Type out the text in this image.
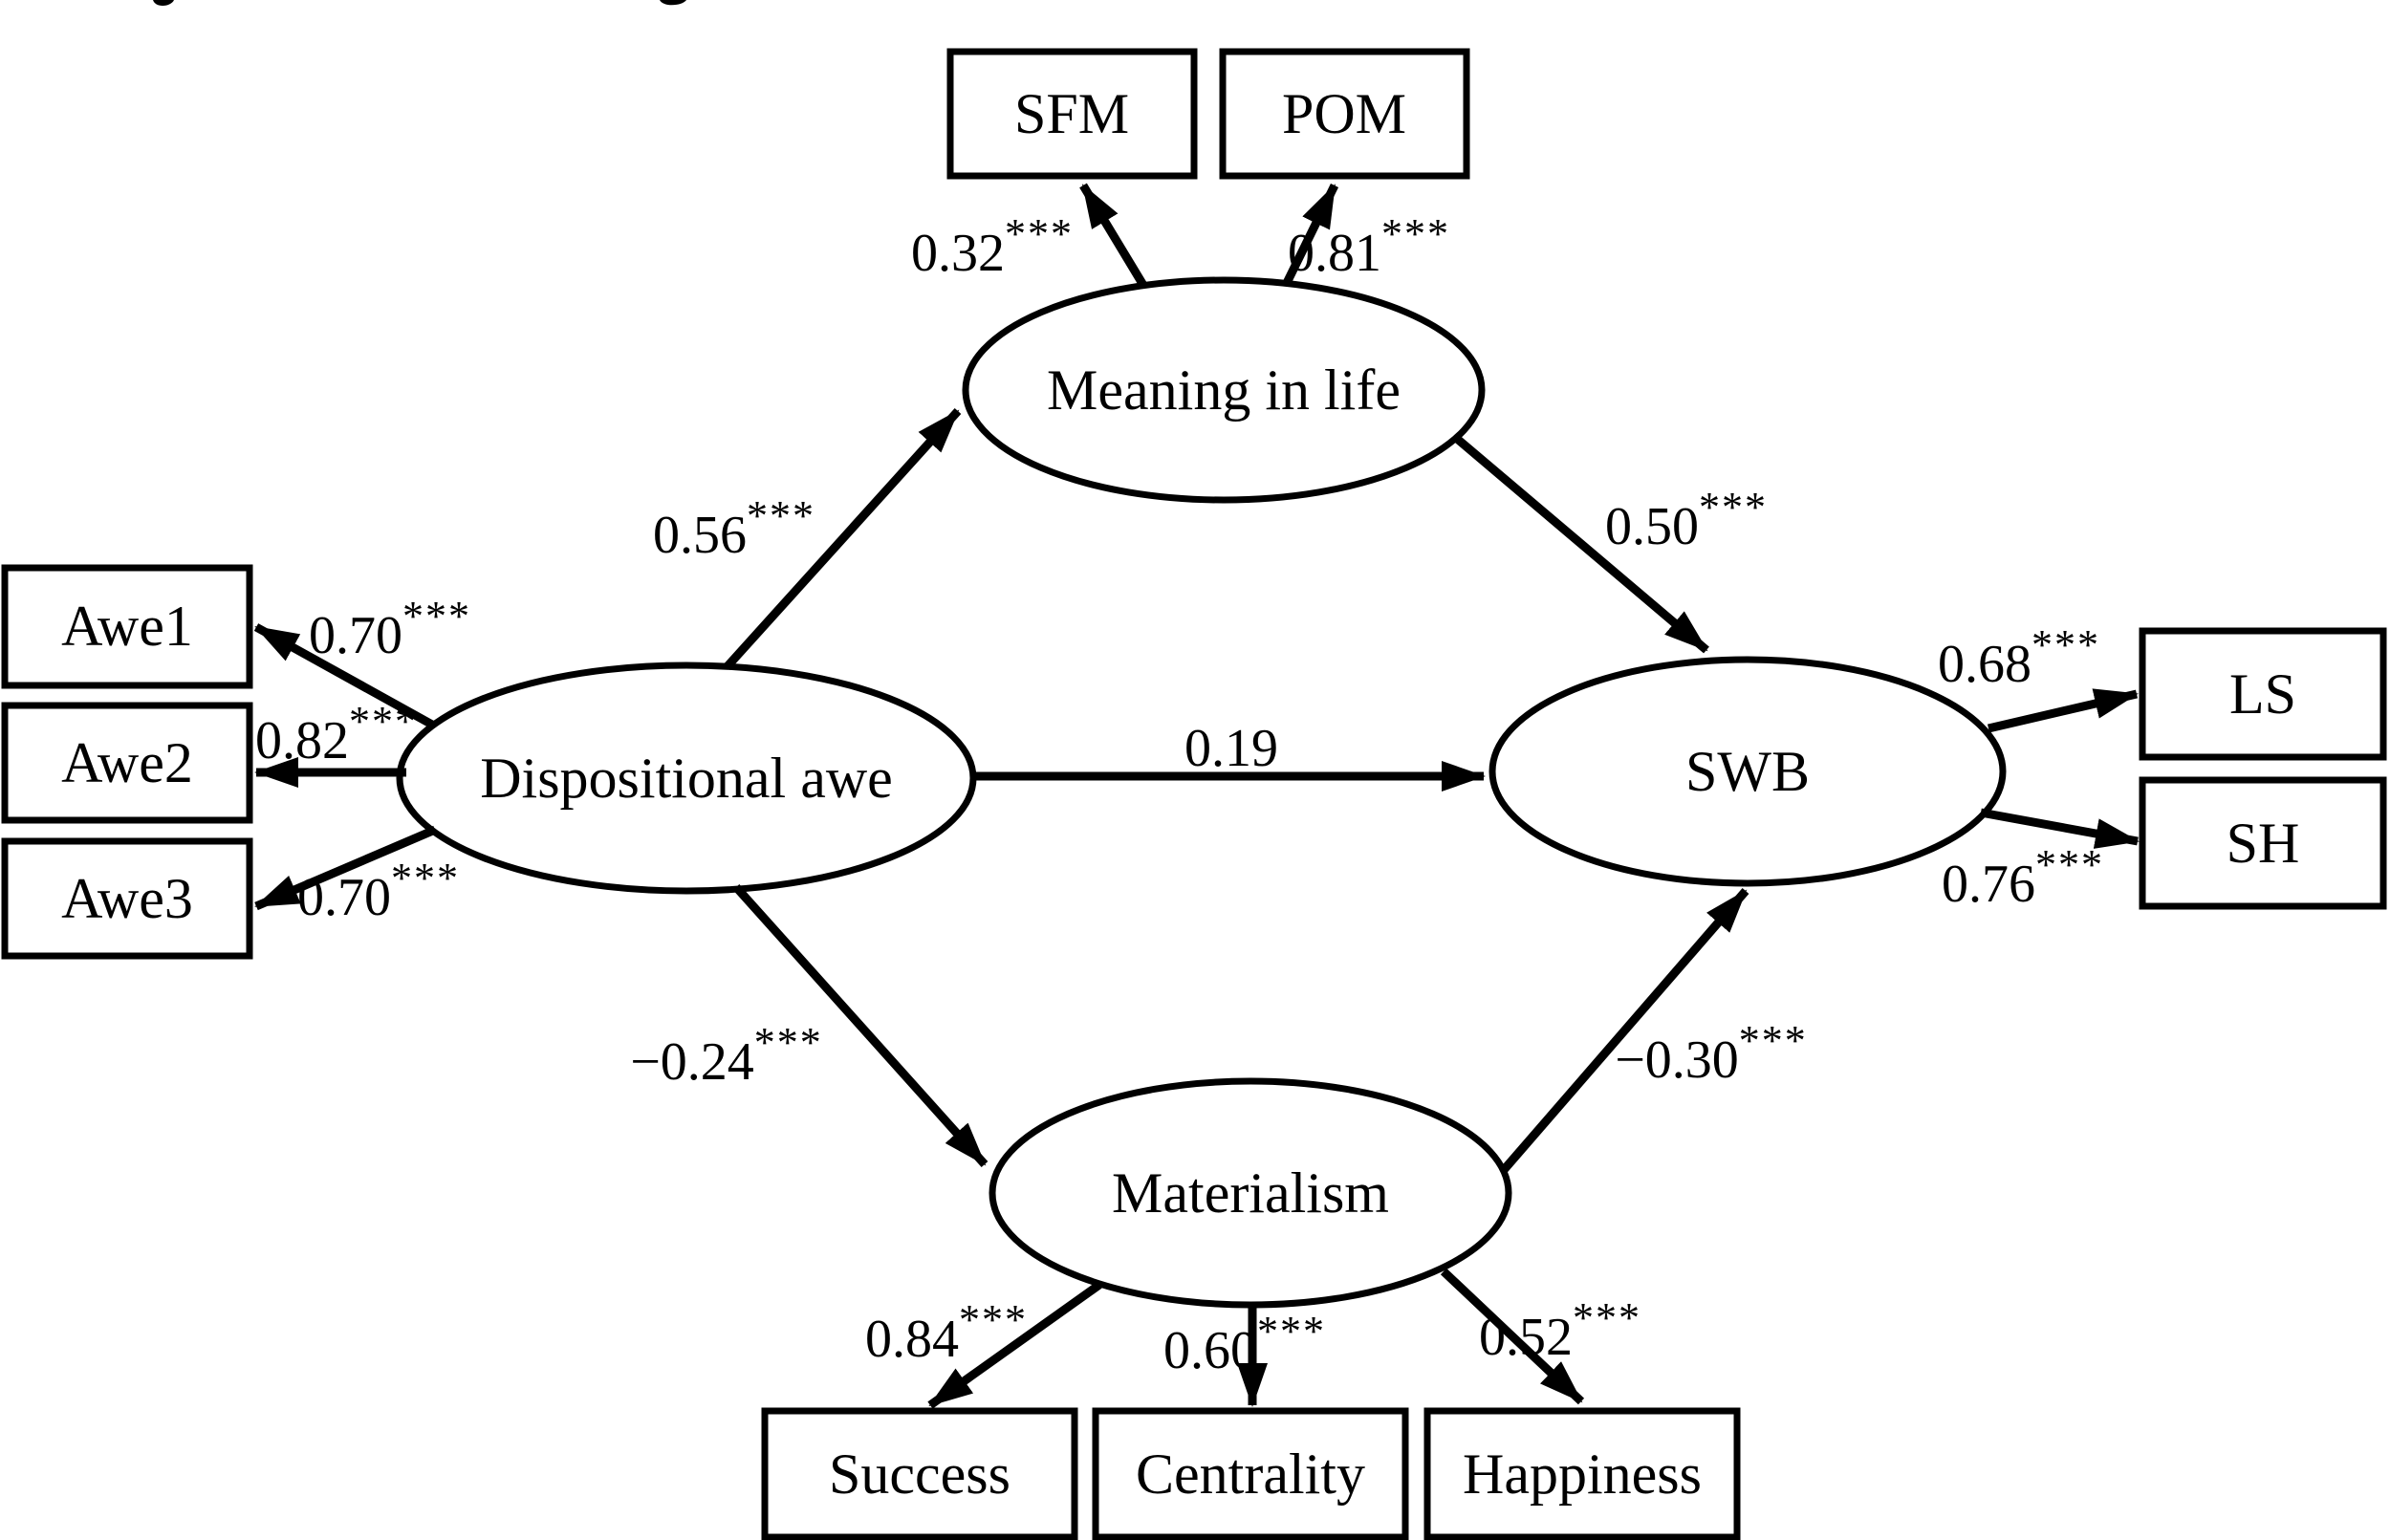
SFM	POM
Meaning in life
Awe1
Awe2
Awe3
Dispositional awe	SWB
LS
SH
Materialism
Success Centrality Happiness
0.32***	0.81***
0.70***
0.82***
0.70***
0.56***
0.19
−0.24***
0.50***
−0.30***
0.68***
0.76***
0.84***
0.60***	0.52***
